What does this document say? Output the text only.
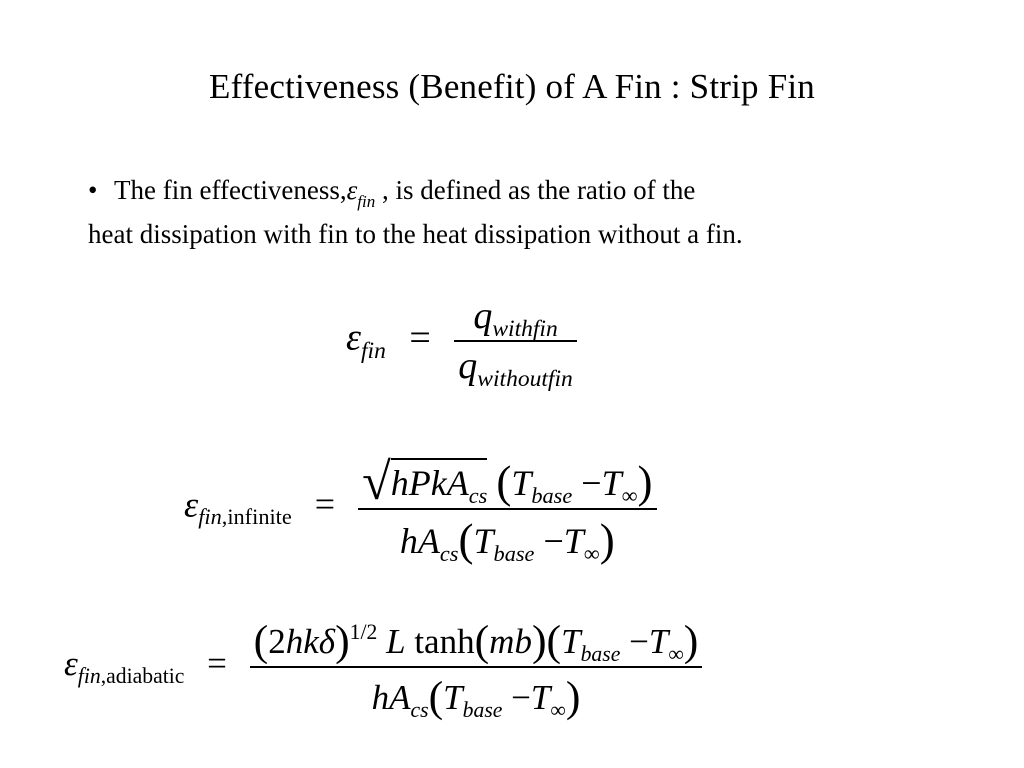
Effectiveness (Benefit) of A Fin : Strip Fin
• The fin $effectiveness,\varepsilon_{fin}$ , is defined as the ratio of the
heat dissipation with fin to the heat dissipation without a fin.
$\varepsilon_{fin} = \frac{q_{withfin}}{q_{withoutfin}}$
$\varepsilon_{fin,infinite} = \frac{√ hPkA_{cs} (T_{base} -T_\infty)}{hA_{cs}(T_{base} -T_\infty)}$
$\varepsilon_{fin,adiabatic} = \frac{(2hk\delta)^{1/2} L \tanh(mb)(T_{base} -T_\infty)}{hA_{cs}(T_{base} -T_\infty)}$
